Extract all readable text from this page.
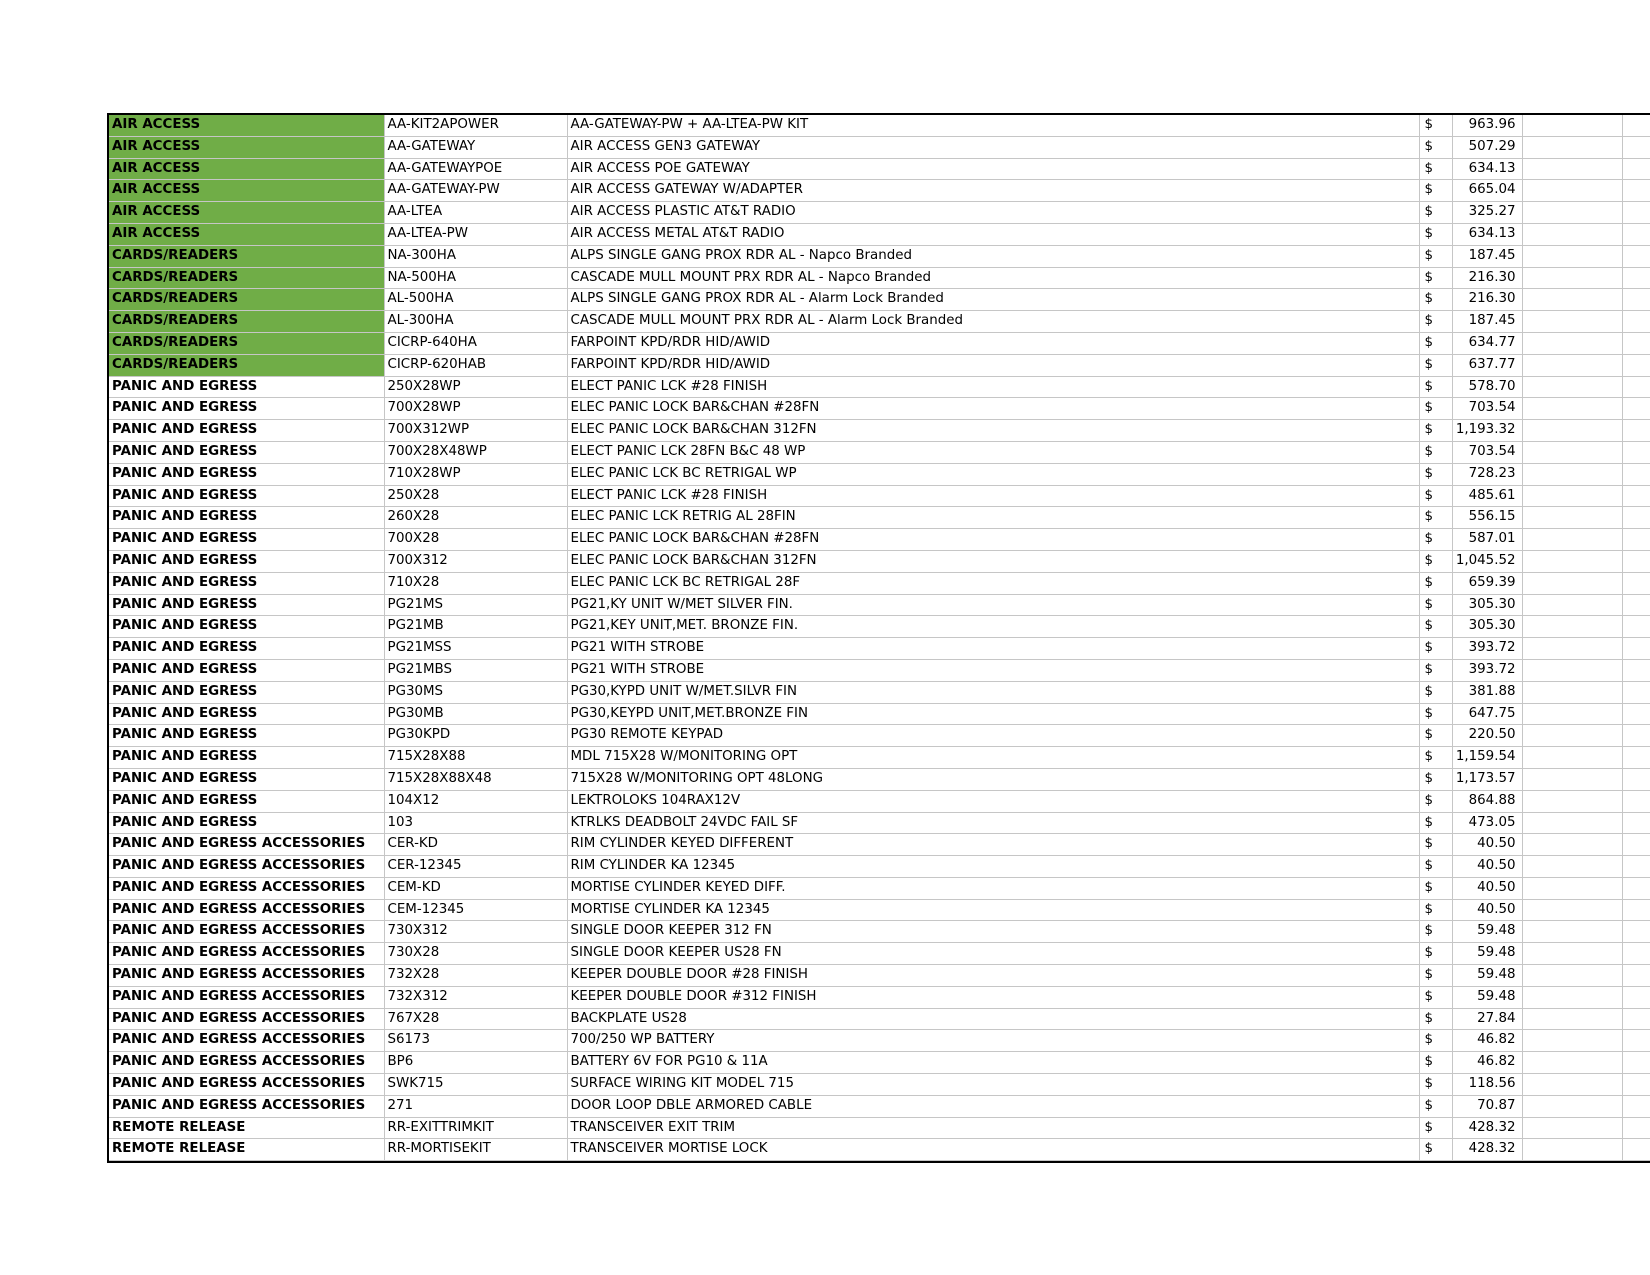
AIR ACCESS	AA-KIT2APOWER	AA-GATEWAY-PW + AA-LTEA-PW KIT	$	963.96		
AIR ACCESS	AA-GATEWAY	AIR ACCESS GEN3 GATEWAY	$	507.29		
AIR ACCESS	AA-GATEWAYPOE	AIR ACCESS POE GATEWAY	$	634.13		
AIR ACCESS	AA-GATEWAY-PW	AIR ACCESS GATEWAY W/ADAPTER	$	665.04		
AIR ACCESS	AA-LTEA	AIR ACCESS PLASTIC AT&T RADIO	$	325.27		
AIR ACCESS	AA-LTEA-PW	AIR ACCESS METAL AT&T RADIO	$	634.13		
CARDS/READERS	NA-300HA	ALPS SINGLE GANG PROX RDR AL - Napco Branded	$	187.45		
CARDS/READERS	NA-500HA	CASCADE MULL MOUNT PRX RDR AL - Napco Branded	$	216.30		
CARDS/READERS	AL-500HA	ALPS SINGLE GANG PROX RDR AL - Alarm Lock Branded	$	216.30		
CARDS/READERS	AL-300HA	CASCADE MULL MOUNT PRX RDR AL - Alarm Lock Branded	$	187.45		
CARDS/READERS	CICRP-640HA	FARPOINT KPD/RDR HID/AWID	$	634.77		
CARDS/READERS	CICRP-620HAB	FARPOINT KPD/RDR HID/AWID	$	637.77		
PANIC AND EGRESS	250X28WP	ELECT PANIC LCK #28 FINISH	$	578.70		
PANIC AND EGRESS	700X28WP	ELEC PANIC LOCK BAR&CHAN #28FN	$	703.54		
PANIC AND EGRESS	700X312WP	ELEC PANIC LOCK BAR&CHAN 312FN	$	1,193.32		
PANIC AND EGRESS	700X28X48WP	ELECT PANIC LCK 28FN B&C 48 WP	$	703.54		
PANIC AND EGRESS	710X28WP	ELEC PANIC LCK BC RETRIGAL WP	$	728.23		
PANIC AND EGRESS	250X28	ELECT PANIC LCK #28 FINISH	$	485.61		
PANIC AND EGRESS	260X28	ELEC PANIC LCK RETRIG AL 28FIN	$	556.15		
PANIC AND EGRESS	700X28	ELEC PANIC LOCK BAR&CHAN #28FN	$	587.01		
PANIC AND EGRESS	700X312	ELEC PANIC LOCK BAR&CHAN 312FN	$	1,045.52		
PANIC AND EGRESS	710X28	ELEC PANIC LCK BC RETRIGAL 28F	$	659.39		
PANIC AND EGRESS	PG21MS	PG21,KY UNIT W/MET SILVER FIN.	$	305.30		
PANIC AND EGRESS	PG21MB	PG21,KEY UNIT,MET. BRONZE FIN.	$	305.30		
PANIC AND EGRESS	PG21MSS	PG21 WITH STROBE	$	393.72		
PANIC AND EGRESS	PG21MBS	PG21 WITH STROBE	$	393.72		
PANIC AND EGRESS	PG30MS	PG30,KYPD UNIT W/MET.SILVR FIN	$	381.88		
PANIC AND EGRESS	PG30MB	PG30,KEYPD UNIT,MET.BRONZE FIN	$	647.75		
PANIC AND EGRESS	PG30KPD	PG30 REMOTE KEYPAD	$	220.50		
PANIC AND EGRESS	715X28X88	MDL 715X28 W/MONITORING OPT	$	1,159.54		
PANIC AND EGRESS	715X28X88X48	715X28 W/MONITORING OPT 48LONG	$	1,173.57		
PANIC AND EGRESS	104X12	LEKTROLOKS 104RAX12V	$	864.88		
PANIC AND EGRESS	103	KTRLKS DEADBOLT 24VDC FAIL SF	$	473.05		
PANIC AND EGRESS ACCESSORIES	CER-KD	RIM CYLINDER KEYED DIFFERENT	$	40.50		
PANIC AND EGRESS ACCESSORIES	CER-12345	RIM CYLINDER KA 12345	$	40.50		
PANIC AND EGRESS ACCESSORIES	CEM-KD	MORTISE CYLINDER KEYED DIFF.	$	40.50		
PANIC AND EGRESS ACCESSORIES	CEM-12345	MORTISE CYLINDER KA 12345	$	40.50		
PANIC AND EGRESS ACCESSORIES	730X312	SINGLE DOOR KEEPER 312 FN	$	59.48		
PANIC AND EGRESS ACCESSORIES	730X28	SINGLE DOOR KEEPER US28 FN	$	59.48		
PANIC AND EGRESS ACCESSORIES	732X28	KEEPER DOUBLE DOOR #28 FINISH	$	59.48		
PANIC AND EGRESS ACCESSORIES	732X312	KEEPER DOUBLE DOOR #312 FINISH	$	59.48		
PANIC AND EGRESS ACCESSORIES	767X28	BACKPLATE US28	$	27.84		
PANIC AND EGRESS ACCESSORIES	S6173	700/250 WP BATTERY	$	46.82		
PANIC AND EGRESS ACCESSORIES	BP6	BATTERY 6V FOR PG10 & 11A	$	46.82		
PANIC AND EGRESS ACCESSORIES	SWK715	SURFACE WIRING KIT MODEL 715	$	118.56		
PANIC AND EGRESS ACCESSORIES	271	DOOR LOOP DBLE ARMORED CABLE	$	70.87		
REMOTE RELEASE	RR-EXITTRIMKIT	TRANSCEIVER EXIT TRIM	$	428.32		
REMOTE RELEASE	RR-MORTISEKIT	TRANSCEIVER MORTISE LOCK	$	428.32		
